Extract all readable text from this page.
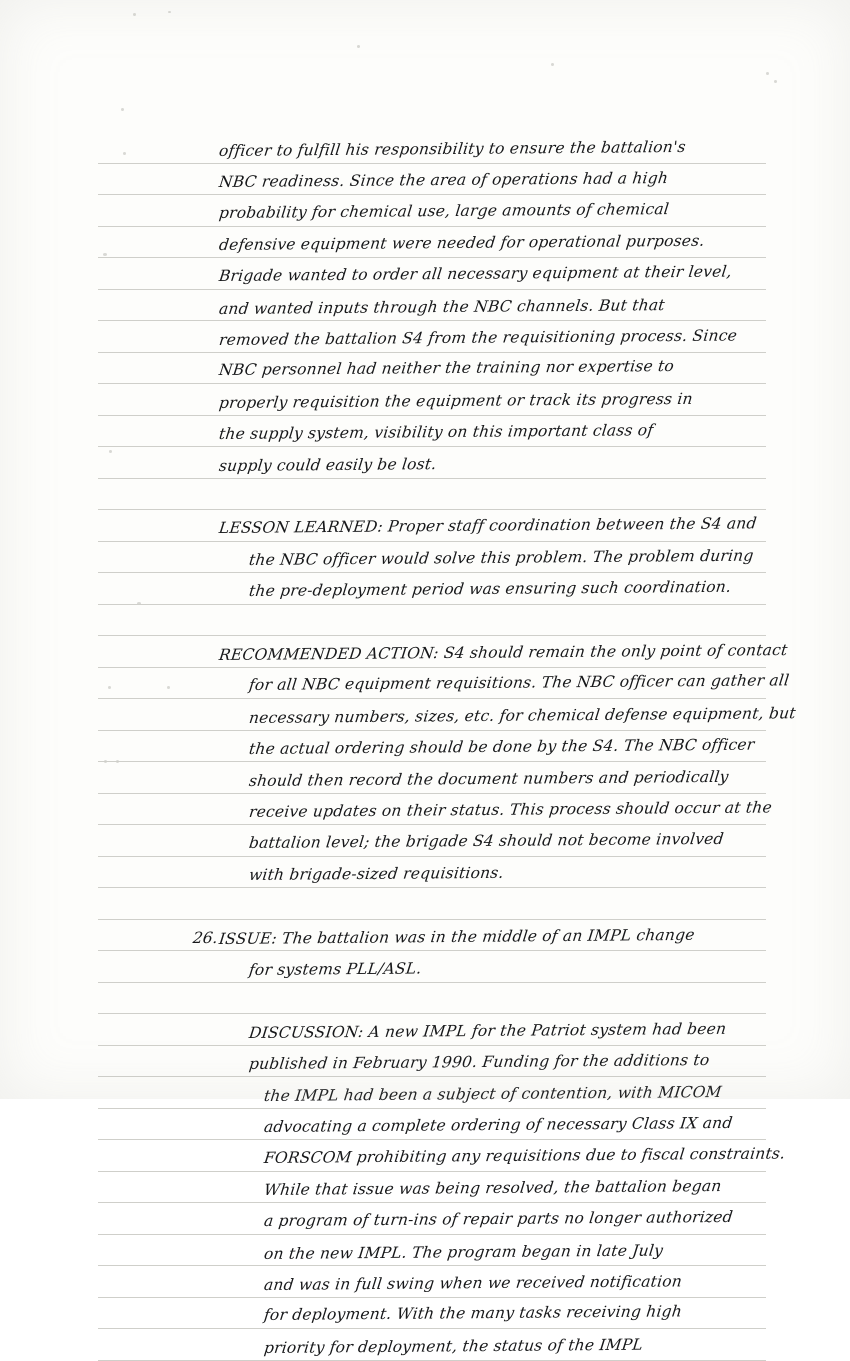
officer to fulfill his responsibility to ensure the battalion's
NBC readiness. Since the area of operations had a high
probability for chemical use, large amounts of chemical
defensive equipment were needed for operational purposes.
Brigade wanted to order all necessary equipment at their level,
and wanted inputs through the NBC channels. But that
removed the battalion S4 from the requisitioning process. Since
NBC personnel had neither the training nor expertise to
properly requisition the equipment or track its progress in
the supply system, visibility on this important class of
supply could easily be lost.
LESSON LEARNED: Proper staff coordination between the S4 and
the NBC officer would solve this problem. The problem during
the pre-deployment period was ensuring such coordination.
RECOMMENDED ACTION: S4 should remain the only point of contact
for all NBC equipment requisitions. The NBC officer can gather all
necessary numbers, sizes, etc. for chemical defense equipment, but
the actual ordering should be done by the S4. The NBC officer
should then record the document numbers and periodically
receive updates on their status. This process should occur at the
battalion level; the brigade S4 should not become involved
with brigade-sized requisitions.
26. ISSUE: The battalion was in the middle of an IMPL change
for systems PLL/ASL.
DISCUSSION: A new IMPL for the Patriot system had been
published in February 1990. Funding for the additions to
the IMPL had been a subject of contention, with MICOM
advocating a complete ordering of necessary Class IX and
FORSCOM prohibiting any requisitions due to fiscal constraints.
While that issue was being resolved, the battalion began
a program of turn-ins of repair parts no longer authorized
on the new IMPL. The program began in late July
and was in full swing when we received notification
for deployment. With the many tasks receiving high
priority for deployment, the status of the IMPL
